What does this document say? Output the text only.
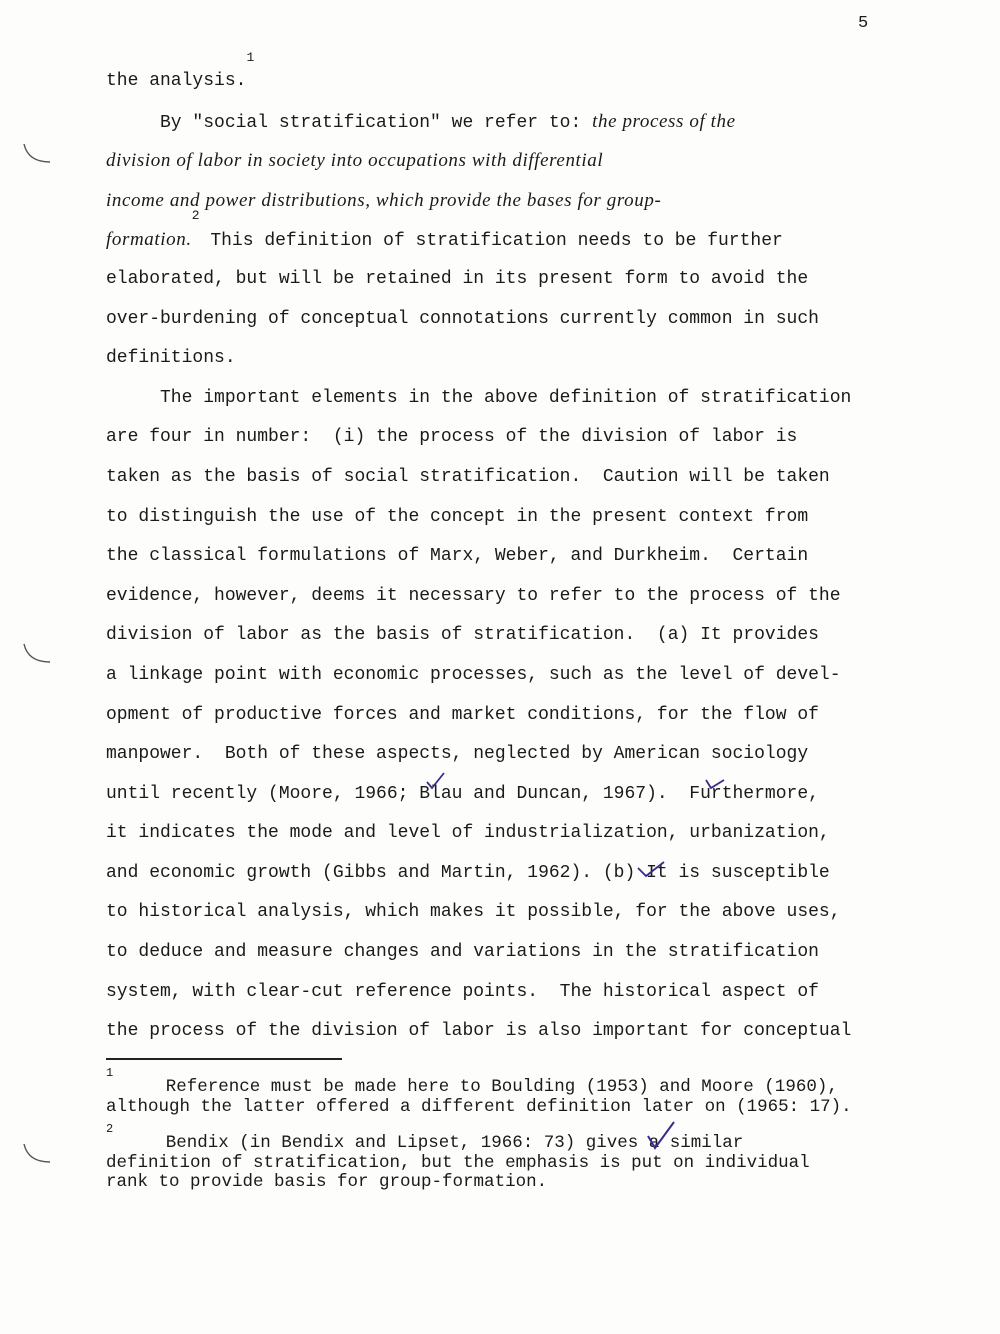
5
the analysis.$^1$
By "social stratification" we refer to: the process of the
division of labor in society into occupations with differential
income and power distributions, which provide the bases for group-
formation.$^2$ This definition of stratification needs to be further
elaborated, but will be retained in its present form to avoid the
over-burdening of conceptual connotations currently common in such
definitions.
The important elements in the above definition of stratification
are four in number:  (i) the process of the division of labor is
taken as the basis of social stratification.  Caution will be taken
to distinguish the use of the concept in the present context from
the classical formulations of Marx, Weber, and Durkheim.  Certain
evidence, however, deems it necessary to refer to the process of the
division of labor as the basis of stratification.  (a) It provides
a linkage point with economic processes, such as the level of devel-
opment of productive forces and market conditions, for the flow of
manpower.  Both of these aspects, neglected by American sociology
until recently (Moore, 1966; Blau and Duncan, 1967).  Furthermore,
it indicates the mode and level of industrialization, urbanization,
and economic growth (Gibbs and Martin, 1962). (b) It is susceptible
to historical analysis, which makes it possible, for the above uses,
to deduce and measure changes and variations in the stratification
system, with clear-cut reference points.  The historical aspect of
the process of the division of labor is also important for conceptual
$^1$     Reference must be made here to Boulding (1953) and Moore (1960),
although the latter offered a different definition later on (1965: 17).
$^2$     Bendix (in Bendix and Lipset, 1966: 73) gives a similar
definition of stratification, but the emphasis is put on individual
rank to provide basis for group-formation.
